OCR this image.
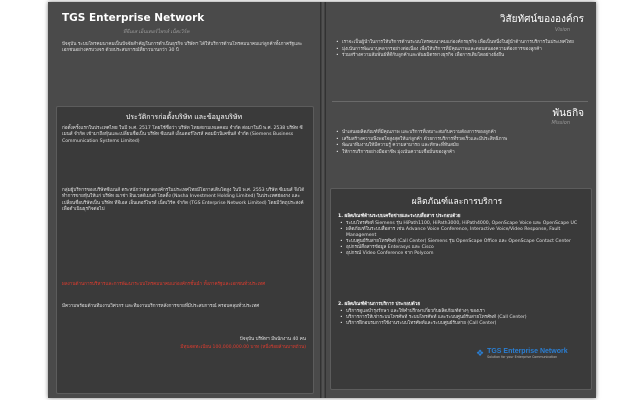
TGS Enterprise Network
ทีจีเอส เอ็นเตอร์ไพรส์ เน็ตเวิร์ค

ปัจจุบัน ระบบโทรคมนาคมเป็นปัจจัยสำคัญในการดำเนินธุรกิจ บริษัทฯ ได้ให้บริการด้านโทรคมนาคมแก่ลูกค้าทั้งภาครัฐและเอกชนอย่างครบวงจร ด้วยประสบการณ์ที่ยาวนานกว่า 30 ปี

ประวัติการก่อตั้งบริษัท และข้อมูลบริษัท

ก่อตั้งครั้งแรกในประเทศไทย ในปี พ.ศ. 2517 โดยใช้ชื่อว่า บริษัท ไทยสยามเทเลคอม จำกัด ต่อมาในปี พ.ศ. 2538 บริษัท ซีเมนส์ จำกัด เข้ามาถือหุ้นและเปลี่ยนชื่อเป็น บริษัท ซีเมนส์ เอ็นเตอร์ไพรส์ คอมมิวนิเคชั่นส์ จำกัด (Siemens Business Communication Systems Limited)

กลุ่มผู้บริหารของบริษัทซีเมนส์ ตระหนักว่าตลาดองค์กรในประเทศไทยมีโอกาสเติบโตสูง ในปี พ.ศ. 2553 บริษัท ซีเมนส์ จึงได้ทำการขายหุ้นให้แก่ บริษัท ณาช่า อินเวสต์เมนต์ โฮลดิ้ง (Nasha Investment Holding Limited) ในประเทศฮ่องกง และเปลี่ยนชื่อบริษัทเป็น บริษัท ทีจีเอส เอ็นเตอร์ไพรส์ เน็ตเวิร์ค จำกัด (TGS Enterprise Network Limited) โดยมีวัตถุประสงค์เพื่อดำเนินธุรกิจต่อไป

ผลงานด้านการบริหารและการพัฒนาระบบโทรคมนาคมแก่องค์กรชั้นนำ ทั้งภาครัฐและเอกชนทั่วประเทศ

มีความพร้อมด้านทีมงานวิศวกร และทีมงานบริการหลังการขายที่มีประสบการณ์ ครอบคลุมทั่วประเทศ

ปัจจุบัน บริษัทฯ มีพนักงาน 40 คน
มีทุนจดทะเบียน 100,000,000.00 บาท (หนึ่งร้อยล้านบาทถ้วน)
วิสัยทัศน์ขององค์กร
Vision
• เราจะเป็นผู้นำในการให้บริการด้านระบบโทรคมนาคมแก่องค์กรธุรกิจ เพื่อเป็นหนึ่งในผู้นำด้านการบริการในประเทศไทย
• มุ่งเน้นการพัฒนาบุคลากรอย่างต่อเนื่อง เพื่อให้บริการที่มีคุณภาพและตอบสนองความต้องการของลูกค้า
• ร่วมสร้างความสัมพันธ์ที่ดีกับลูกค้าและพันธมิตรทางธุรกิจ เพื่อการเติบโตอย่างยั่งยืน
พันธกิจ
Mission
• นำเสนอผลิตภัณฑ์ที่มีคุณภาพ และบริการที่เหมาะสมกับความต้องการของลูกค้า
• เสริมสร้างความพึงพอใจสูงสุดให้แก่ลูกค้า ด้วยการบริการที่รวดเร็วและมีประสิทธิภาพ
• พัฒนาทีมงานให้มีความรู้ ความสามารถ และทักษะที่ทันสมัย
• ให้การบริการอย่างมืออาชีพ มุ่งเน้นความเชื่อมั่นของลูกค้า
ผลิตภัณฑ์และการบริการ
1. ผลิตภัณฑ์ด้านระบบเครือข่ายและระบบสื่อสาร ประกอบด้วย
• ระบบโทรศัพท์ Siemens รุ่น HiPath1100, HiPath3000, HiPath4000, OpenScape Voice และ OpenScape UC
• ผลิตภัณฑ์ในระบบสื่อสาร เช่น Advance Voice Conference, Interactive Voice/Video Response, Fault Management
• ระบบศูนย์รับสายโทรศัพท์ (Call Center) Siemens รุ่น OpenScape Office และ OpenScape Contact Center
• อุปกรณ์สื่อสารข้อมูล Enterasys และ Cisco
• อุปกรณ์ Video Conference จาก Polycom
2. ผลิตภัณฑ์ด้านการบริการ ประกอบด้วย
• บริการดูแลบำรุงรักษา และให้คำปรึกษาเกี่ยวกับผลิตภัณฑ์ต่างๆ ของเรา
• บริการการให้เช่าระบบโทรศัพท์ ระบบโทรศัพท์ และระบบศูนย์รับสายโทรศัพท์ (Call Center)
• บริการฝึกอบรมการใช้งานระบบโทรศัพท์และระบบศูนย์รับสาย (Call Center)
❖ TGS Enterprise Network
Solution for your Enterprise Communication
